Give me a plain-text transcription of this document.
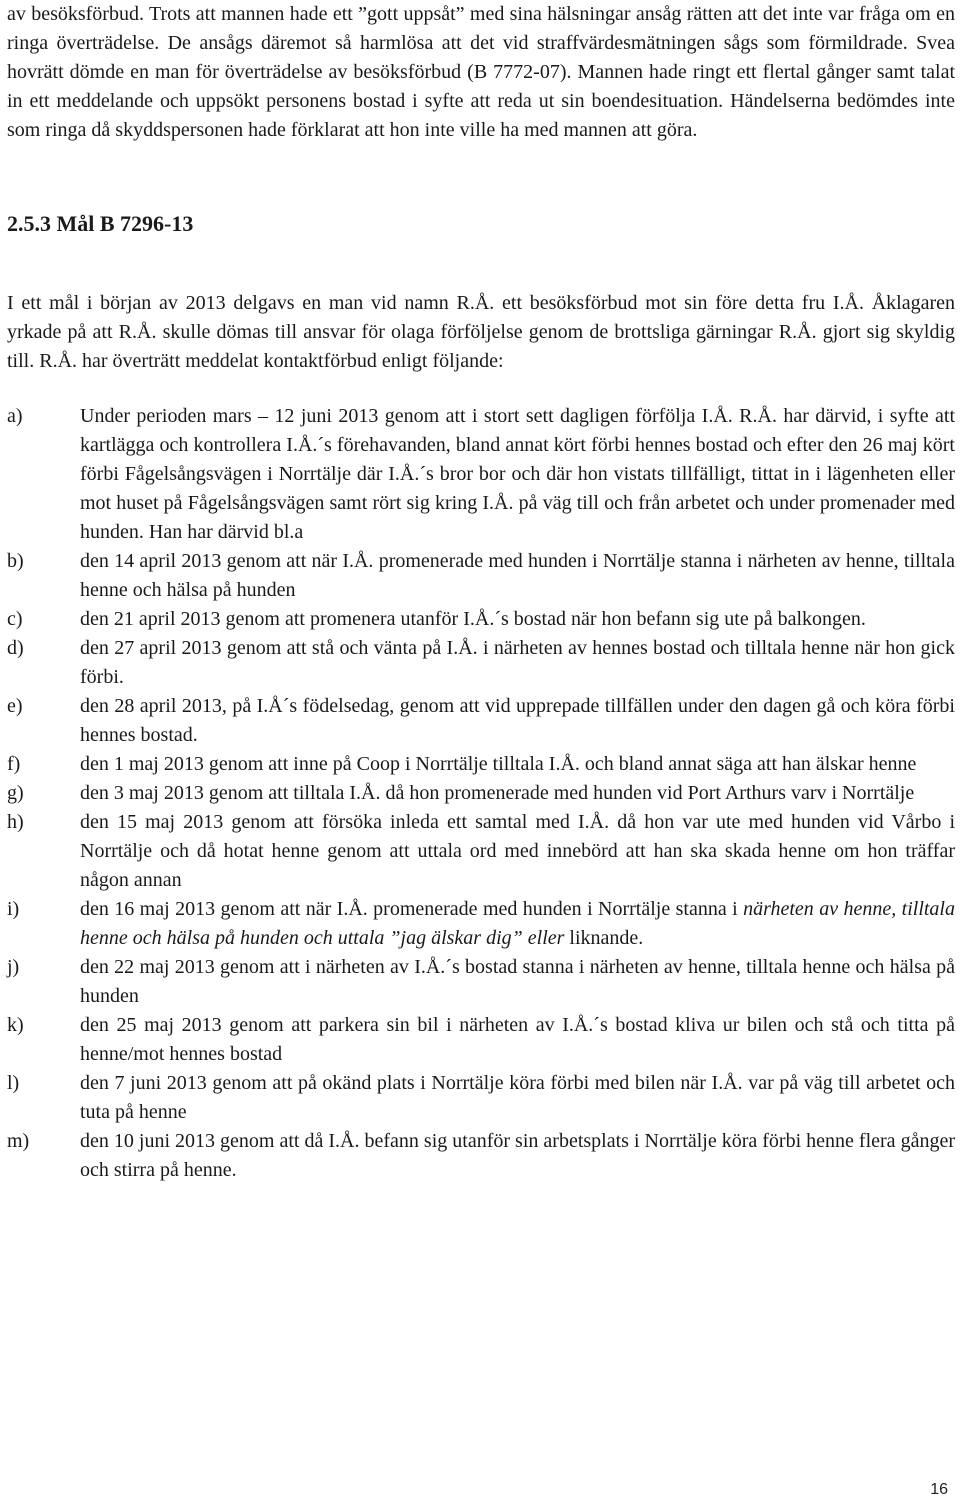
av besöksförbud. Trots att mannen hade ett ”gott uppsåt” med sina hälsningar ansåg rätten att det inte var fråga om en ringa överträdelse. De ansågs däremot så harmlösa att det vid straffvärdesmätningen sågs som förmildrade. Svea hovrätt dömde en man för överträdelse av besöksförbud (B 7772-07). Mannen hade ringt ett flertal gånger samt talat in ett meddelande och uppsökt personens bostad i syfte att reda ut sin boendesituation. Händelserna bedömdes inte som ringa då skyddspersonen hade förklarat att hon inte ville ha med mannen att göra.

2.5.3 Mål B 7296-13

I ett mål i början av 2013 delgavs en man vid namn R.Å. ett besöksförbud mot sin före detta fru I.Å. Åklagaren yrkade på att R.Å. skulle dömas till ansvar för olaga förföljelse genom de brottsliga gärningar R.Å. gjort sig skyldig till. R.Å. har överträtt meddelat kontaktförbud enligt följande:

a)	Under perioden mars – 12 juni 2013 genom att i stort sett dagligen förfölja I.Å. R.Å. har därvid, i syfte att kartlägga och kontrollera I.Å.´s förehavanden, bland annat kört förbi hennes bostad och efter den 26 maj kört förbi Fågelsångsvägen i Norrtälje där I.Å.´s bror bor och där hon vistats tillfälligt, tittat in i lägenheten eller mot huset på Fågelsångsvägen samt rört sig kring I.Å. på väg till och från arbetet och under promenader med hunden. Han har därvid bl.a
b)	den 14 april 2013 genom att när I.Å. promenerade med hunden i Norrtälje stanna i närheten av henne, tilltala henne och hälsa på hunden
c)	den 21 april 2013 genom att promenera utanför I.Å.´s bostad när hon befann sig ute på balkongen.
d)	den 27 april 2013 genom att stå och vänta på I.Å. i närheten av hennes bostad och tilltala henne när hon gick förbi.
e)	den 28 april 2013, på I.Å´s födelsedag, genom att vid upprepade tillfällen under den dagen gå och köra förbi hennes bostad.
f)	den 1 maj 2013 genom att inne på Coop i Norrtälje tilltala I.Å. och bland annat säga att han älskar henne
g)	den 3 maj 2013 genom att tilltala I.Å. då hon promenerade med hunden vid Port Arthurs varv i Norrtälje
h)	den 15 maj 2013 genom att försöka inleda ett samtal med I.Å. då hon var ute med hunden vid Vårbo i Norrtälje och då hotat henne genom att uttala ord med innebörd att han ska skada henne om hon träffar någon annan
i)	den 16 maj 2013 genom att när I.Å. promenerade med hunden i Norrtälje stanna i närheten av henne, tilltala henne och hälsa på hunden och uttala ”jag älskar dig” eller liknande.
j)	den 22 maj 2013 genom att i närheten av I.Å.´s bostad stanna i närheten av henne, tilltala henne och hälsa på hunden
k)	den 25 maj 2013 genom att parkera sin bil i närheten av I.Å.´s bostad kliva ur bilen och stå och titta på henne/mot hennes bostad
l)	den 7 juni 2013 genom att på okänd plats i Norrtälje köra förbi med bilen när I.Å. var på väg till arbetet och tuta på henne
m)	den 10 juni 2013 genom att då I.Å. befann sig utanför sin arbetsplats i Norrtälje köra förbi henne flera gånger och stirra på henne.
16
